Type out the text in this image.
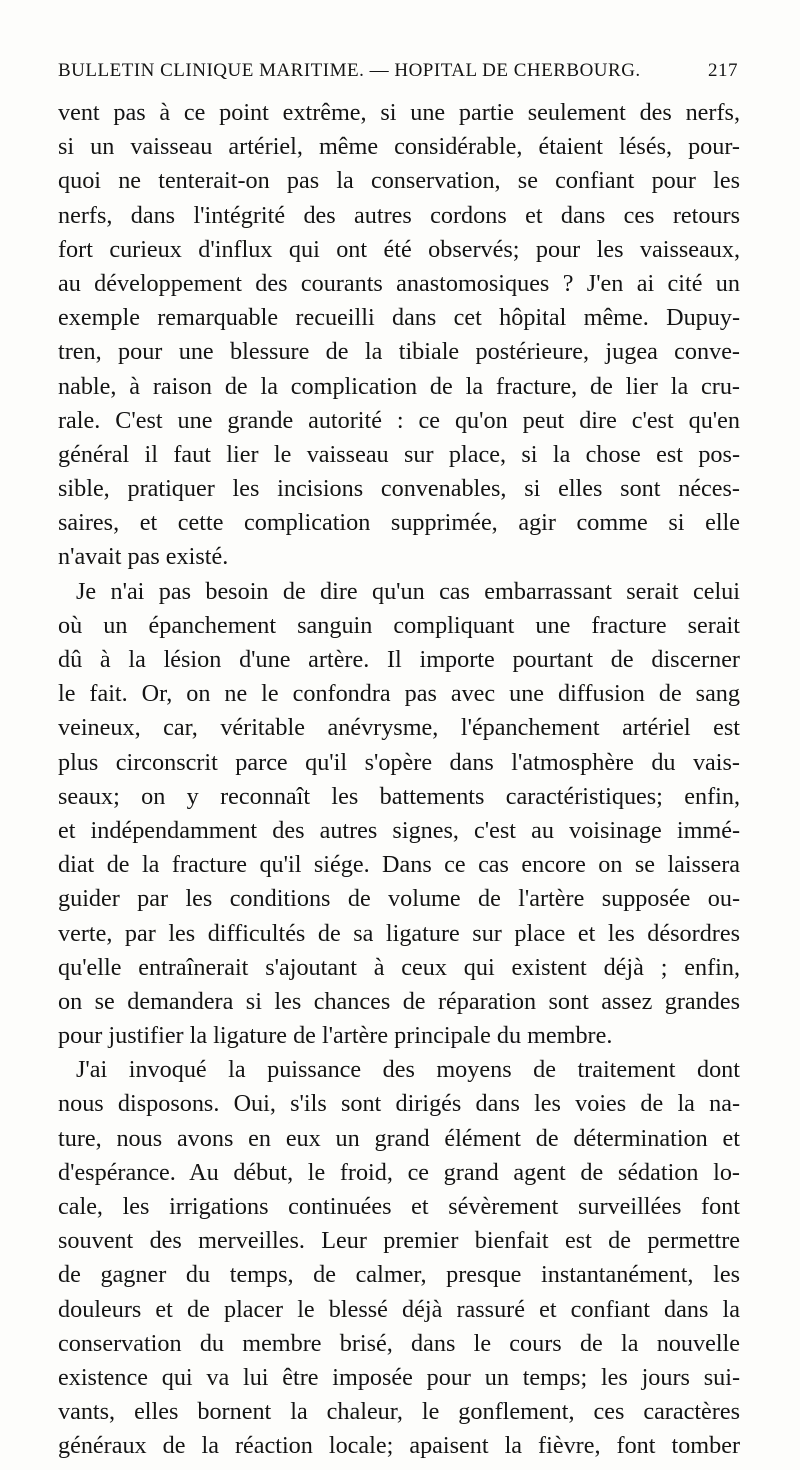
BULLETIN CLINIQUE MARITIME. — HOPITAL DE CHERBOURG.	217
vent pas à ce point extrême, si une partie seulement des nerfs,
si un vaisseau artériel, même considérable, étaient lésés, pour-
quoi ne tenterait-on pas la conservation, se confiant pour les
nerfs, dans l'intégrité des autres cordons et dans ces retours
fort curieux d'influx qui ont été observés; pour les vaisseaux,
au développement des courants anastomosiques ? J'en ai cité un
exemple remarquable recueilli dans cet hôpital même. Dupuy-
tren, pour une blessure de la tibiale postérieure, jugea conve-
nable, à raison de la complication de la fracture, de lier la cru-
rale. C'est une grande autorité : ce qu'on peut dire c'est qu'en
général il faut lier le vaisseau sur place, si la chose est pos-
sible, pratiquer les incisions convenables, si elles sont néces-
saires, et cette complication supprimée, agir comme si elle
n'avait pas existé.
Je n'ai pas besoin de dire qu'un cas embarrassant serait celui
où un épanchement sanguin compliquant une fracture serait
dû à la lésion d'une artère. Il importe pourtant de discerner
le fait. Or, on ne le confondra pas avec une diffusion de sang
veineux, car, véritable anévrysme, l'épanchement artériel est
plus circonscrit parce qu'il s'opère dans l'atmosphère du vais-
seaux; on y reconnaît les battements caractéristiques; enfin,
et indépendamment des autres signes, c'est au voisinage immé-
diat de la fracture qu'il siége. Dans ce cas encore on se laissera
guider par les conditions de volume de l'artère supposée ou-
verte, par les difficultés de sa ligature sur place et les désordres
qu'elle entraînerait s'ajoutant à ceux qui existent déjà ; enfin,
on se demandera si les chances de réparation sont assez grandes
pour justifier la ligature de l'artère principale du membre.
J'ai invoqué la puissance des moyens de traitement dont
nous disposons. Oui, s'ils sont dirigés dans les voies de la na-
ture, nous avons en eux un grand élément de détermination et
d'espérance. Au début, le froid, ce grand agent de sédation lo-
cale, les irrigations continuées et sévèrement surveillées font
souvent des merveilles. Leur premier bienfait est de permettre
de gagner du temps, de calmer, presque instantanément, les
douleurs et de placer le blessé déjà rassuré et confiant dans la
conservation du membre brisé, dans le cours de la nouvelle
existence qui va lui être imposée pour un temps; les jours sui-
vants, elles bornent la chaleur, le gonflement, ces caractères
généraux de la réaction locale; apaisent la fièvre, font tomber
